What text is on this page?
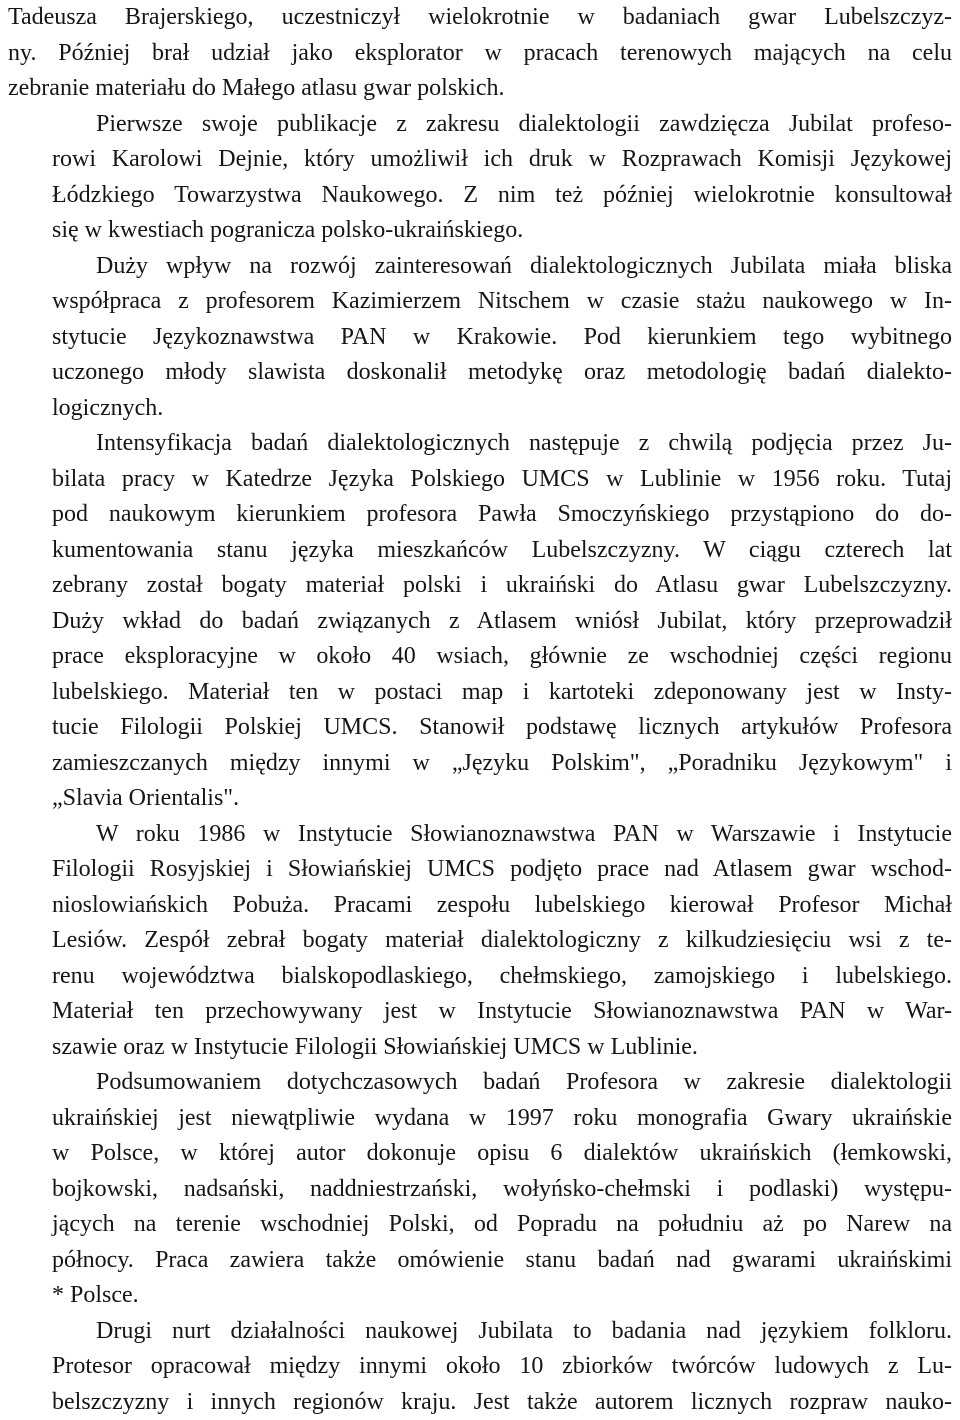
Tadeusza Brajerskiego, uczestniczył wielokrotnie w badaniach gwar Lubelszczyz-
ny. Później brał udział jako eksplorator w pracach terenowych mających na celu
zebranie materiału do Małego atlasu gwar polskich.
Pierwsze swoje publikacje z zakresu dialektologii zawdzięcza Jubilat profeso-
rowi Karolowi Dejnie, który umożliwił ich druk w Rozprawach Komisji Językowej
Łódzkiego Towarzystwa Naukowego. Z nim też później wielokrotnie konsultował
się w kwestiach pogranicza polsko-ukraińskiego.
Duży wpływ na rozwój zainteresowań dialektologicznych Jubilata miała bliska
współpraca z profesorem Kazimierzem Nitschem w czasie stażu naukowego w In-
stytucie Językoznawstwa PAN w Krakowie. Pod kierunkiem tego wybitnego
uczonego młody slawista doskonalił metodykę oraz metodologię badań dialekto-
logicznych.
Intensyfikacja badań dialektologicznych następuje z chwilą podjęcia przez Ju-
bilata pracy w Katedrze Języka Polskiego UMCS w Lublinie w 1956 roku. Tutaj
pod naukowym kierunkiem profesora Pawła Smoczyńskiego przystąpiono do do-
kumentowania stanu języka mieszkańców Lubelszczyzny. W ciągu czterech lat
zebrany został bogaty materiał polski i ukraiński do Atlasu gwar Lubelszczyzny.
Duży wkład do badań związanych z Atlasem wniósł Jubilat, który przeprowadził
prace eksploracyjne w około 40 wsiach, głównie ze wschodniej części regionu
lubelskiego. Materiał ten w postaci map i kartoteki zdeponowany jest w Insty-
tucie Filologii Polskiej UMCS. Stanowił podstawę licznych artykułów Profesora
zamieszczanych między innymi w „Języku Polskim", „Poradniku Językowym" i
„Slavia Orientalis".
W roku 1986 w Instytucie Słowianoznawstwa PAN w Warszawie i Instytucie
Filologii Rosyjskiej i Słowiańskiej UMCS podjęto prace nad Atlasem gwar wschod-
nioslowiańskich Pobuża. Pracami zespołu lubelskiego kierował Profesor Michał
Lesiów. Zespół zebrał bogaty materiał dialektologiczny z kilkudziesięciu wsi z te-
renu województwa bialskopodlaskiego, chełmskiego, zamojskiego i lubelskiego.
Materiał ten przechowywany jest w Instytucie Słowianoznawstwa PAN w War-
szawie oraz w Instytucie Filologii Słowiańskiej UMCS w Lublinie.
Podsumowaniem dotychczasowych badań Profesora w zakresie dialektologii
ukraińskiej jest niewątpliwie wydana w 1997 roku monografia Gwary ukraińskie
w Polsce, w której autor dokonuje opisu 6 dialektów ukraińskich (łemkowski,
bojkowski, nadsański, naddniestrzański, wołyńsko-chełmski i podlaski) występu-
jących na terenie wschodniej Polski, od Popradu na południu aż po Narew na
północy. Praca zawiera także omówienie stanu badań nad gwarami ukraińskimi
* Polsce.
Drugi nurt działalności naukowej Jubilata to badania nad językiem folkloru.
Protesor opracował między innymi około 10 zbiorków twórców ludowych z Lu-
belszczyzny i innych regionów kraju. Jest także autorem licznych rozpraw nauko-
